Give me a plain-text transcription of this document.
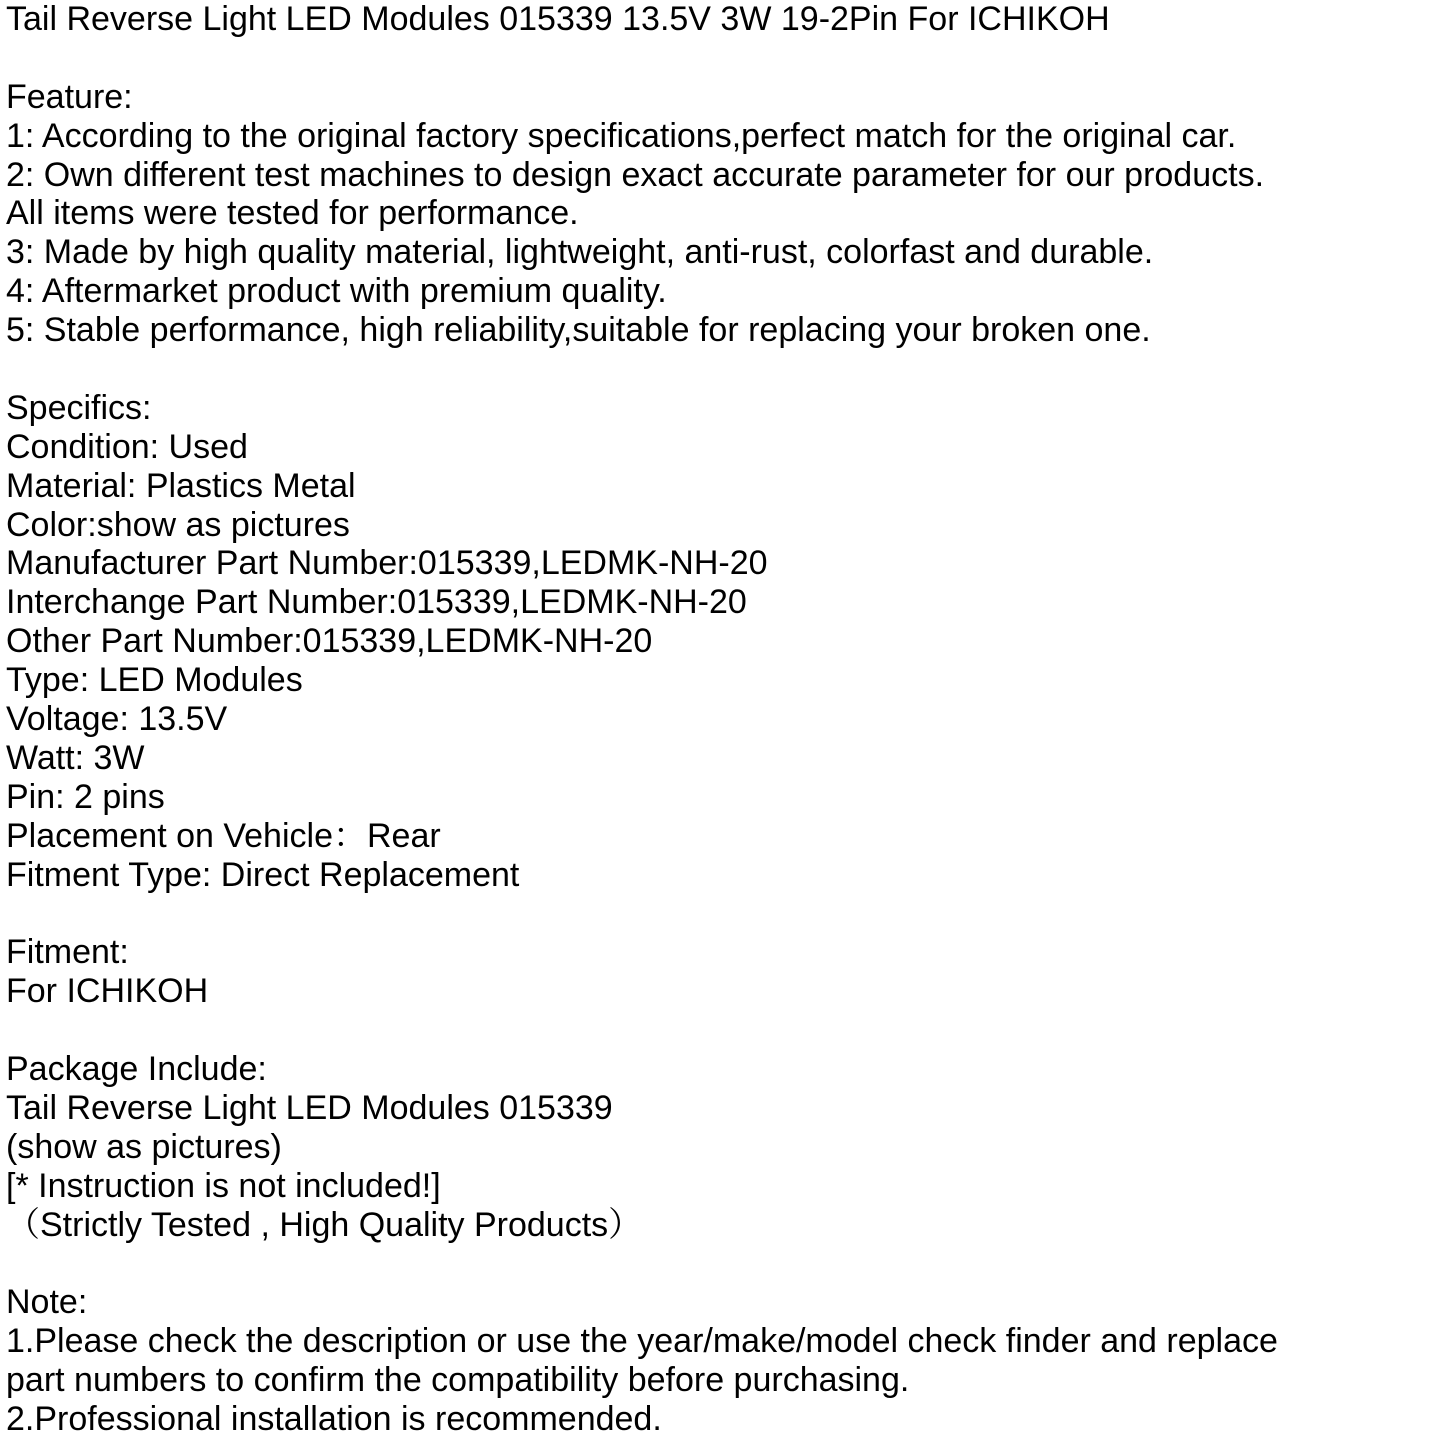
Tail Reverse Light LED Modules 015339 13.5V 3W 19-2Pin For ICHIKOH
Feature:
1: According to the original factory specifications,perfect match for the original car.
2: Own different test machines to design exact accurate parameter for our products.
All items were tested for performance.
3: Made by high quality material, lightweight, anti-rust, colorfast and durable.
4: Aftermarket product with premium quality.
5: Stable performance, high reliability,suitable for replacing your broken one.
Specifics:
Condition: Used
Material: Plastics Metal
Color:show as pictures
Manufacturer Part Number:015339,LEDMK-NH-20
Interchange Part Number:015339,LEDMK-NH-20
Other Part Number:015339,LEDMK-NH-20
Type: LED Modules
Voltage: 13.5V
Watt: 3W
Pin: 2 pins
Placement on Vehicle：Rear
Fitment Type: Direct Replacement
Fitment:
For ICHIKOH
Package Include:
Tail Reverse Light LED Modules 015339
(show as pictures)
[* Instruction is not included!]
（Strictly Tested , High Quality Products）
Note:
1.Please check the description or use the year/make/model check finder and replace
part numbers to confirm the compatibility before purchasing.
2.Professional installation is recommended.
